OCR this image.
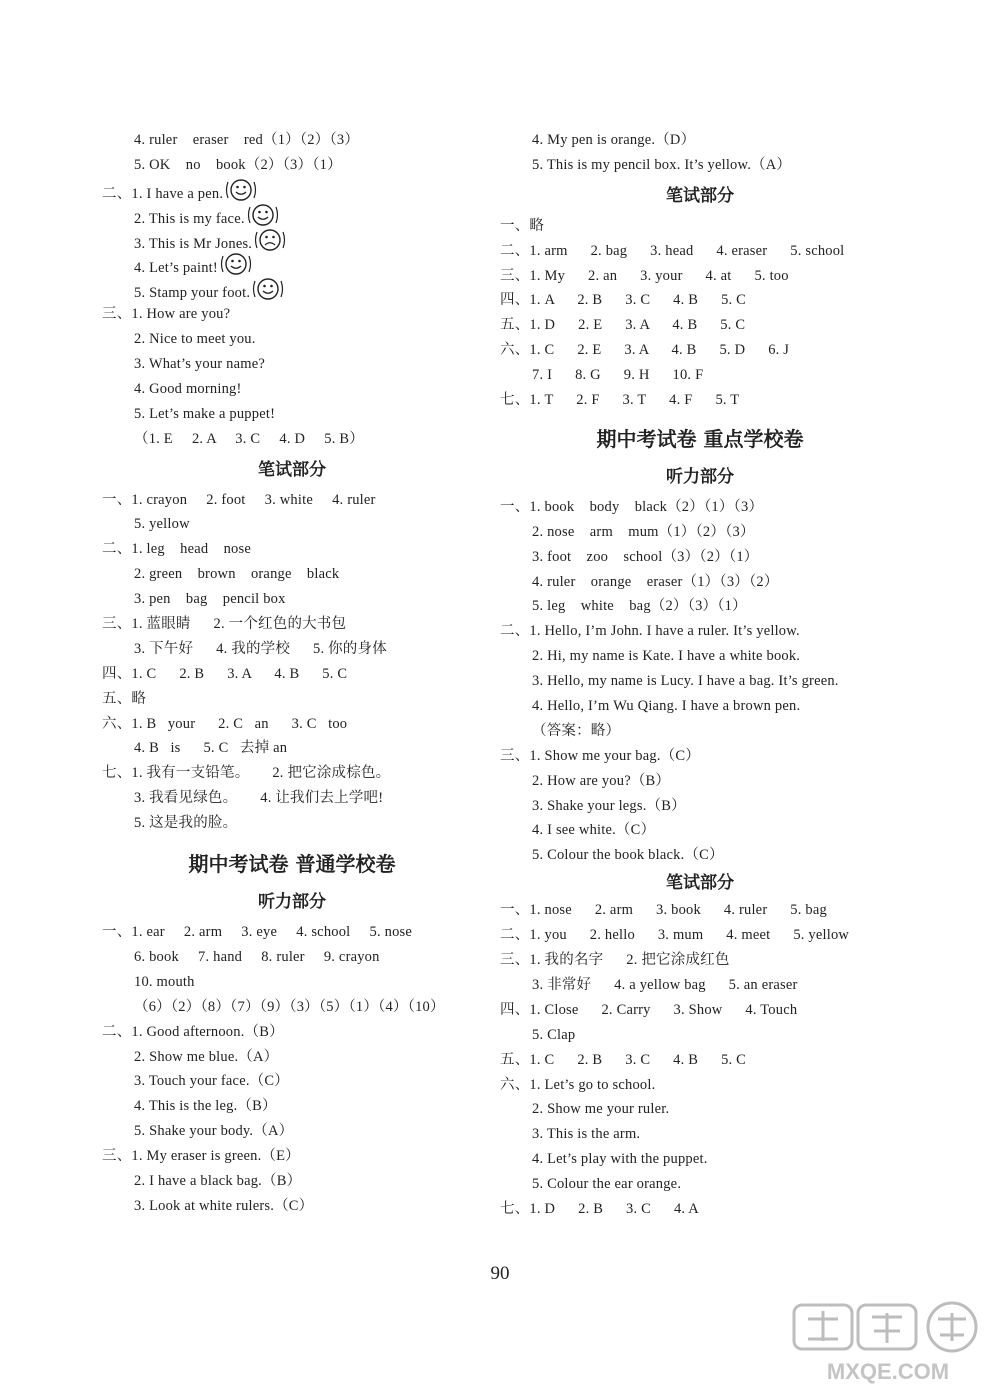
4. ruler    eraser    red（1）（2）（3）
5. OK    no    book（2）（3）（1）
二、1. I have a pen.
2. This is my face.
3. This is Mr Jones.
4. Let’s paint!
5. Stamp your foot.
三、1. How are you?
2. Nice to meet you.
3. What’s your name?
4. Good morning!
5. Let’s make a puppet!
（1. E     2. A     3. C     4. D     5. B）
笔试部分
一、1. crayon     2. foot     3. white     4. ruler
5. yellow
二、1. leg    head    nose
2. green    brown    orange    black
3. pen    bag    pencil box
三、1. 蓝眼睛      2. 一个红色的大书包
3. 下午好      4. 我的学校      5. 你的身体
四、1. C      2. B      3. A      4. B      5. C
五、略
六、1. B   your      2. C   an      3. C   too
4. B   is      5. C   去掉 an
七、1. 我有一支铅笔。      2. 把它涂成棕色。
3. 我看见绿色。      4. 让我们去上学吧!
5. 这是我的脸。
期中考试卷 普通学校卷
听力部分
一、1. ear     2. arm     3. eye     4. school     5. nose
6. book     7. hand     8. ruler     9. crayon
10. mouth
（6）（2）（8）（7）（9）（3）（5）（1）（4）（10）
二、1. Good afternoon.（B）
2. Show me blue.（A）
3. Touch your face.（C）
4. This is the leg.（B）
5. Shake your body.（A）
三、1. My eraser is green.（E）
2. I have a black bag.（B）
3. Look at white rulers.（C）
4. My pen is orange.（D）
5. This is my pencil box. It’s yellow.（A）
笔试部分
一、略
二、1. arm      2. bag      3. head      4. eraser      5. school
三、1. My      2. an      3. your      4. at      5. too
四、1. A      2. B      3. C      4. B      5. C
五、1. D      2. E      3. A      4. B      5. C
六、1. C      2. E      3. A      4. B      5. D      6. J
7. I      8. G      9. H      10. F
七、1. T      2. F      3. T      4. F      5. T
期中考试卷 重点学校卷
听力部分
一、1. book    body    black（2）（1）（3）
2. nose    arm    mum（1）（2）（3）
3. foot    zoo    school（3）（2）（1）
4. ruler    orange    eraser（1）（3）（2）
5. leg    white    bag（2）（3）（1）
二、1. Hello, I’m John. I have a ruler. It’s yellow.
2. Hi, my name is Kate. I have a white book.
3. Hello, my name is Lucy. I have a bag. It’s green.
4. Hello, I’m Wu Qiang. I have a brown pen.
（答案：略）
三、1. Show me your bag.（C）
2. How are you?（B）
3. Shake your legs.（B）
4. I see white.（C）
5. Colour the book black.（C）
笔试部分
一、1. nose      2. arm      3. book      4. ruler      5. bag
二、1. you      2. hello      3. mum      4. meet      5. yellow
三、1. 我的名字      2. 把它涂成红色
3. 非常好      4. a yellow bag      5. an eraser
四、1. Close      2. Carry      3. Show      4. Touch
5. Clap
五、1. C      2. B      3. C      4. B      5. C
六、1. Let’s go to school.
2. Show me your ruler.
3. This is the arm.
4. Let’s play with the puppet.
5. Colour the ear orange.
七、1. D      2. B      3. C      4. A
90
MXQE.COM
